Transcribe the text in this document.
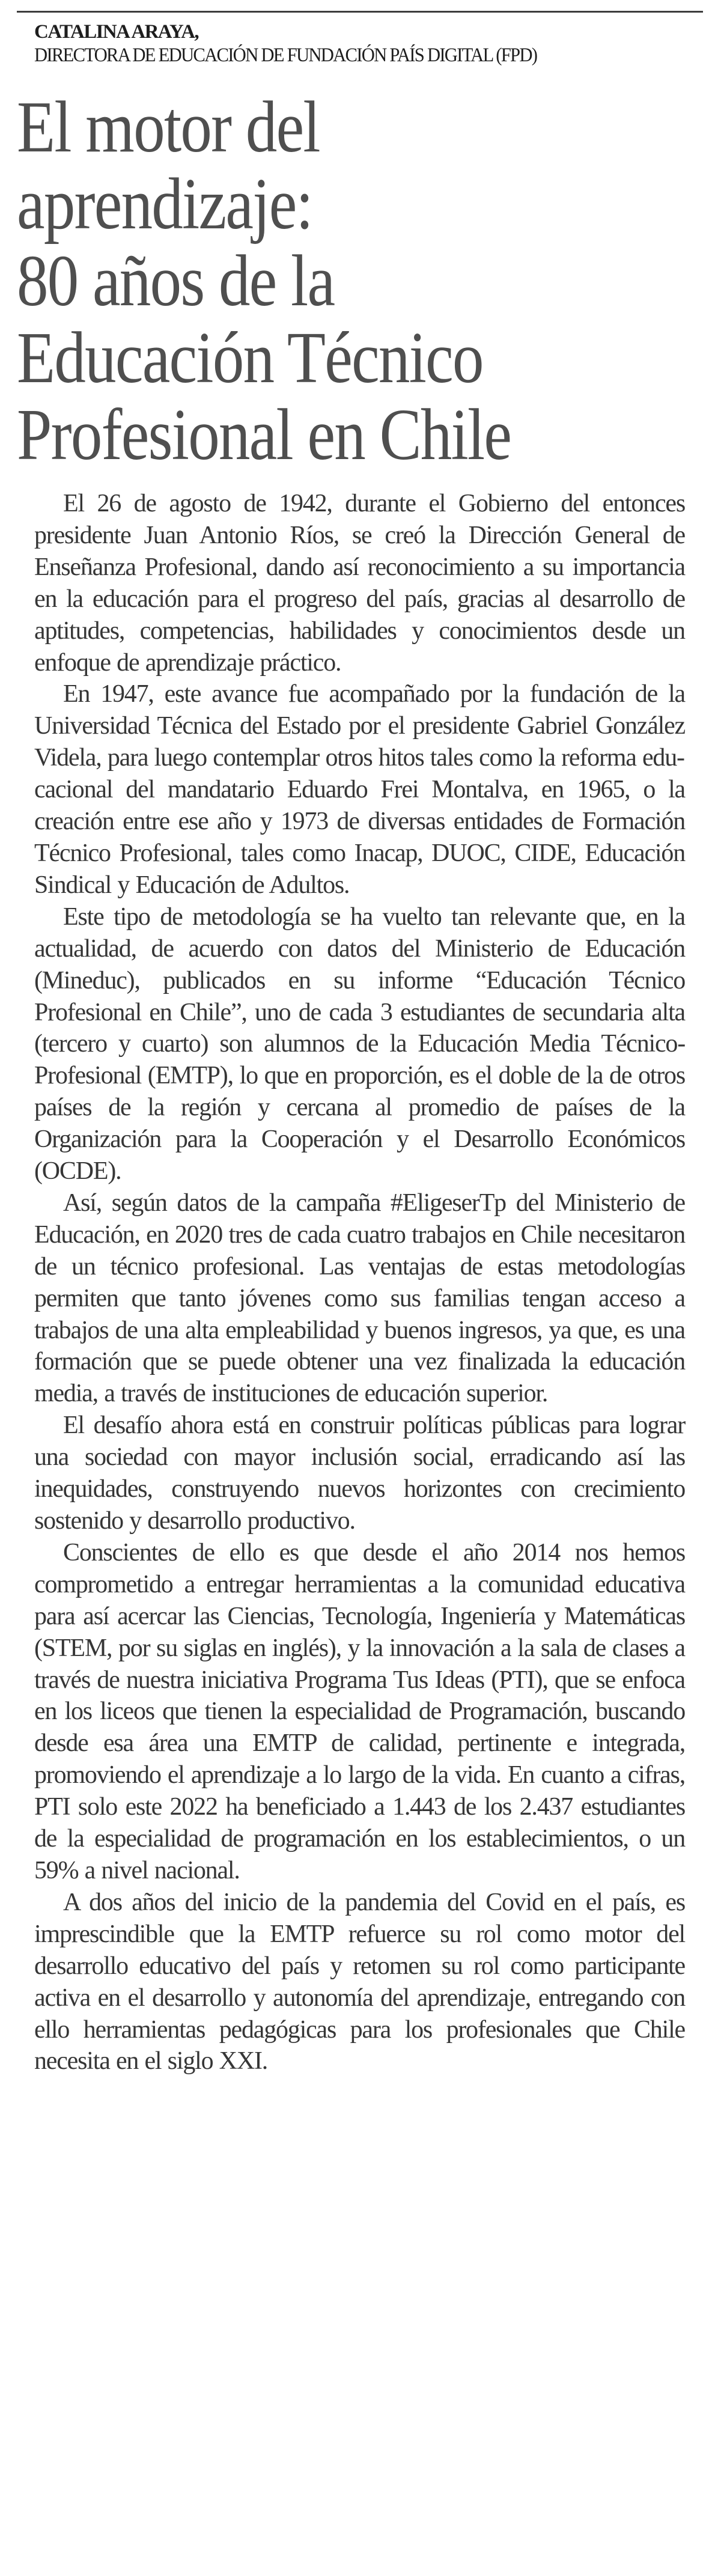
CATALINA ARAYA,
DIRECTORA DE EDUCACIÓN DE FUNDACIÓN PAÍS DIGITAL (FPD)
El motor del
aprendizaje:
80 años de la
Educación Técnico
Profesional en Chile

El 26 de agosto de 1942, durante el Gobierno del entonces presidente Juan Antonio Ríos, se creó la Dirección General de Enseñanza Profesional, dando así reconocimiento a su importancia en la educación para el progreso del país, gracias al desarrollo de aptitudes, competencias, habilidades y conocimientos desde un enfoque de aprendizaje práctico.

En 1947, este avance fue acompañado por la fundación de la Universidad Técnica del Estado por el presidente Gabriel González Videla, para luego contemplar otros hitos tales como la reforma educacional del mandatario Eduardo Frei Montalva, en 1965, o la creación entre ese año y 1973 de diversas entidades de Formación Técnico Profesional, tales como Inacap, DUOC, CIDE, Educación Sindical y Educación de Adultos.

Este tipo de metodología se ha vuelto tan relevante que, en la actualidad, de acuerdo con datos del Ministerio de Educación (Mineduc), publicados en su informe “Educación Técnico Profesional en Chile”, uno de cada 3 estudiantes de secundaria alta (tercero y cuarto) son alumnos de la Educación Media Técnico-Profesional (EMTP), lo que en proporción, es el doble de la de otros países de la región y cercana al promedio de países de la Organización para la Cooperación y el Desarrollo Económicos (OCDE).

Así, según datos de la campaña #EligeserTp del Ministerio de Educación, en 2020 tres de cada cuatro trabajos en Chile necesitaron de un técnico profesional. Las ventajas de estas metodologías permiten que tanto jóvenes como sus familias tengan acceso a trabajos de una alta empleabilidad y buenos ingresos, ya que, es una formación que se puede obtener una vez finalizada la educación media, a través de instituciones de educación superior.

El desafío ahora está en construir políticas públicas para lograr una sociedad con mayor inclusión social, erradicando así las inequidades, construyendo nuevos horizontes con crecimiento sostenido y desarrollo productivo.

Conscientes de ello es que desde el año 2014 nos hemos comprometido a entregar herramientas a la comunidad educativa para así acercar las Ciencias, Tecnología, Ingeniería y Matemáticas (STEM, por su siglas en inglés), y la innovación a la sala de clases a través de nuestra iniciativa Programa Tus Ideas (PTI), que se enfoca en los liceos que tienen la especialidad de Programación, buscando desde esa área una EMTP de calidad, pertinente e integrada, promoviendo el aprendizaje a lo largo de la vida. En cuanto a cifras, PTI solo este 2022 ha beneficiado a 1.443 de los 2.437 estudiantes de la especialidad de programación en los establecimientos, o un 59% a nivel nacional.

A dos años del inicio de la pandemia del Covid en el país, es imprescindible que la EMTP refuerce su rol como motor del desarrollo educativo del país y retomen su rol como participante activa en el desarrollo y autonomía del aprendizaje, entregando con ello herramientas pedagógicas para los profesionales que Chile necesita en el siglo XXI.
